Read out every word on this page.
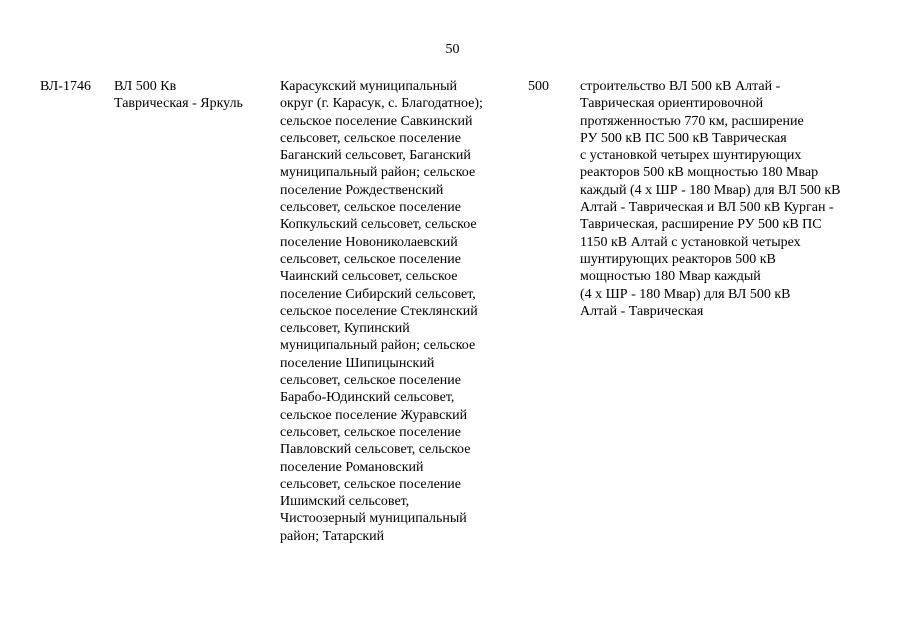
50
ВЛ-1746	ВЛ 500 Кв
Таврическая - Яркуль
Карасукский муниципальный
округ (г. Карасук, с. Благодатное);
сельское поселение Савкинский
сельсовет, сельское поселение
Баганский сельсовет, Баганский
муниципальный район; сельское
поселение Рождественский
сельсовет, сельское поселение
Копкульский сельсовет, сельское
поселение Новониколаевский
сельсовет, сельское поселение
Чаинский сельсовет, сельское
поселение Сибирский сельсовет,
сельское поселение Стеклянский
сельсовет, Купинский
муниципальный район; сельское
поселение Шипицынский
сельсовет, сельское поселение
Барабо-Юдинский сельсовет,
сельское поселение Журавский
сельсовет, сельское поселение
Павловский сельсовет, сельское
поселение Романовский
сельсовет, сельское поселение
Ишимский сельсовет,
Чистоозерный муниципальный
район; Татарский
500	строительство ВЛ 500 кВ Алтай -
Таврическая ориентировочной
протяженностью 770 км, расширение
РУ 500 кВ ПС 500 кВ Таврическая
с установкой четырех шунтирующих
реакторов 500 кВ мощностью 180 Мвар
каждый (4 х ШР - 180 Мвар) для ВЛ 500 кВ
Алтай - Таврическая и ВЛ 500 кВ Курган -
Таврическая, расширение РУ 500 кВ ПС
1150 кВ Алтай с установкой четырех
шунтирующих реакторов 500 кВ
мощностью 180 Мвар каждый
(4 х ШР - 180 Мвар) для ВЛ 500 кВ
Алтай - Таврическая
